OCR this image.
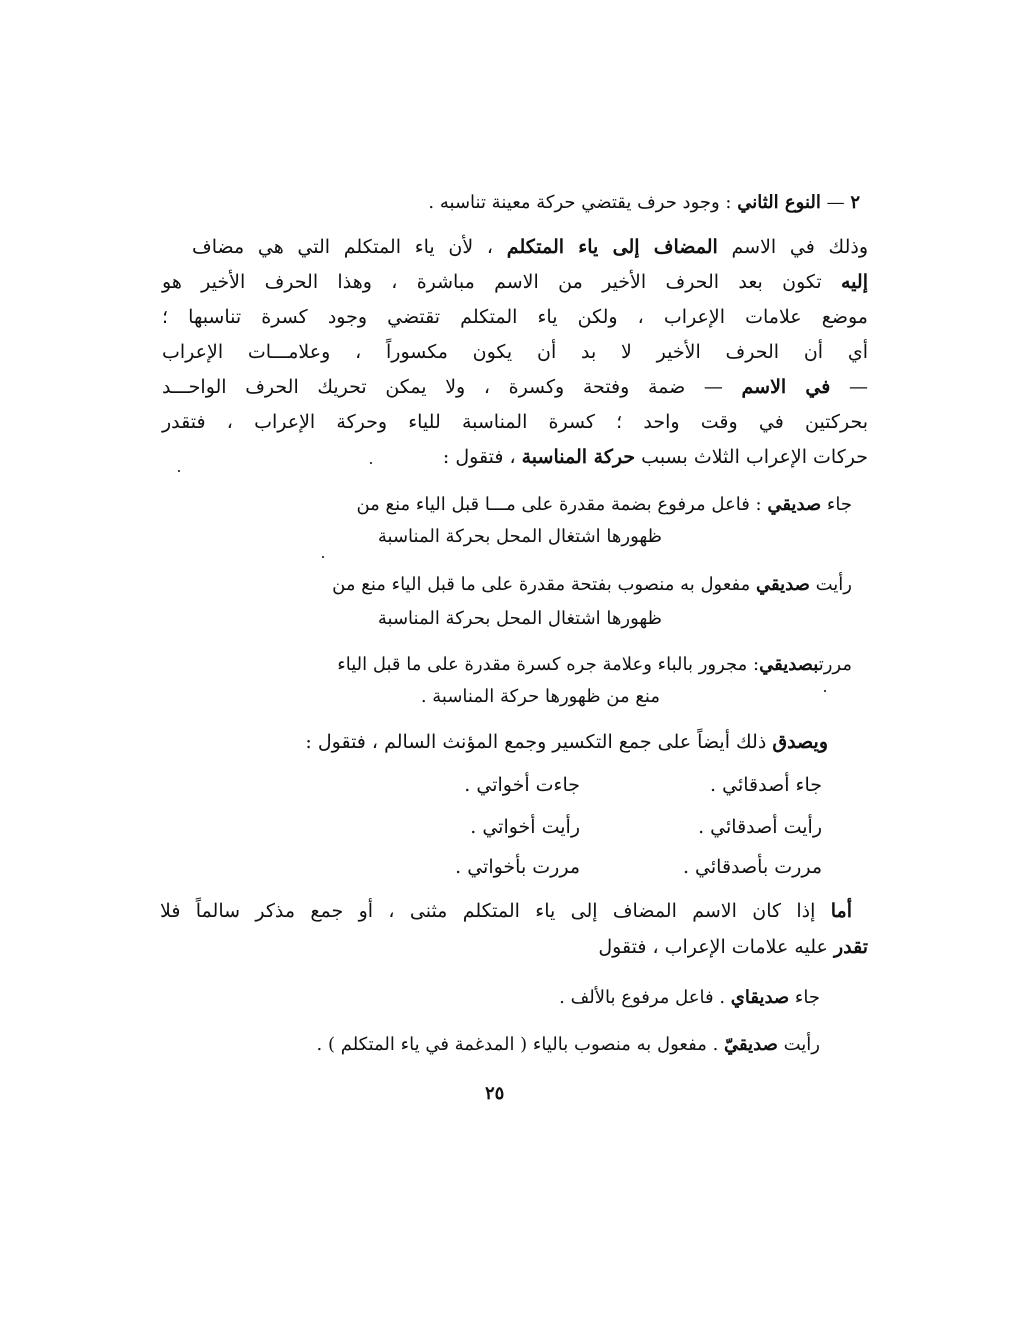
٢ — النوع الثاني : وجود حرف يقتضي حركة معينة تناسبه .
وذلك في الاسم المضاف إلى ياء المتكلم ، لأن ياء المتكلم التي هي مضاف
إليه تكون بعد الحرف الأخير من الاسم مباشرة ، وهذا الحرف الأخير هو
موضع علامات الإعراب ، ولكن ياء المتكلم تقتضي وجود كسرة تناسبها ؛
أي أن الحرف الأخير لا بد أن يكون مكسوراً ، وعلامـــات الإعراب
— في الاسم — ضمة وفتحة وكسرة ، ولا يمكن تحريك الحرف الواحـــد
بحركتين في وقت واحد ؛ كسرة المناسبة للياء وحركة الإعراب ، فتقدر
حركات الإعراب الثلاث بسبب حركة المناسبة ، فتقول :
جاء صديقي : فاعل مرفوع بضمة مقدرة على مـــا قبل الياء منع من
ظهورها اشتغال المحل بحركة المناسبة
رأيت صديقي مفعول به منصوب بفتحة مقدرة على ما قبل الياء منع من
ظهورها اشتغال المحل بحركة المناسبة
مررتبصديقي: مجرور بالباء وعلامة جره كسرة مقدرة على ما قبل الياء
منع من ظهورها حركة المناسبة .
ويصدق ذلك أيضاً على جمع التكسير وجمع المؤنث السالم ، فتقول :
جاء أصدقائي .
جاءت أخواتي .
رأيت أصدقائي .
رأيت أخواتي .
مررت بأصدقائي .
مررت بأخواتي .
أما إذا كان الاسم المضاف إلى ياء المتكلم مثنى ، أو جمع مذكر سالماً فلا
تقدر عليه علامات الإعراب ، فتقول
جاء صديقاي . فاعل مرفوع بالألف .
رأيت صديقيّ . مفعول به منصوب بالياء ( المدغمة في ياء المتكلم ) .
٢٥
